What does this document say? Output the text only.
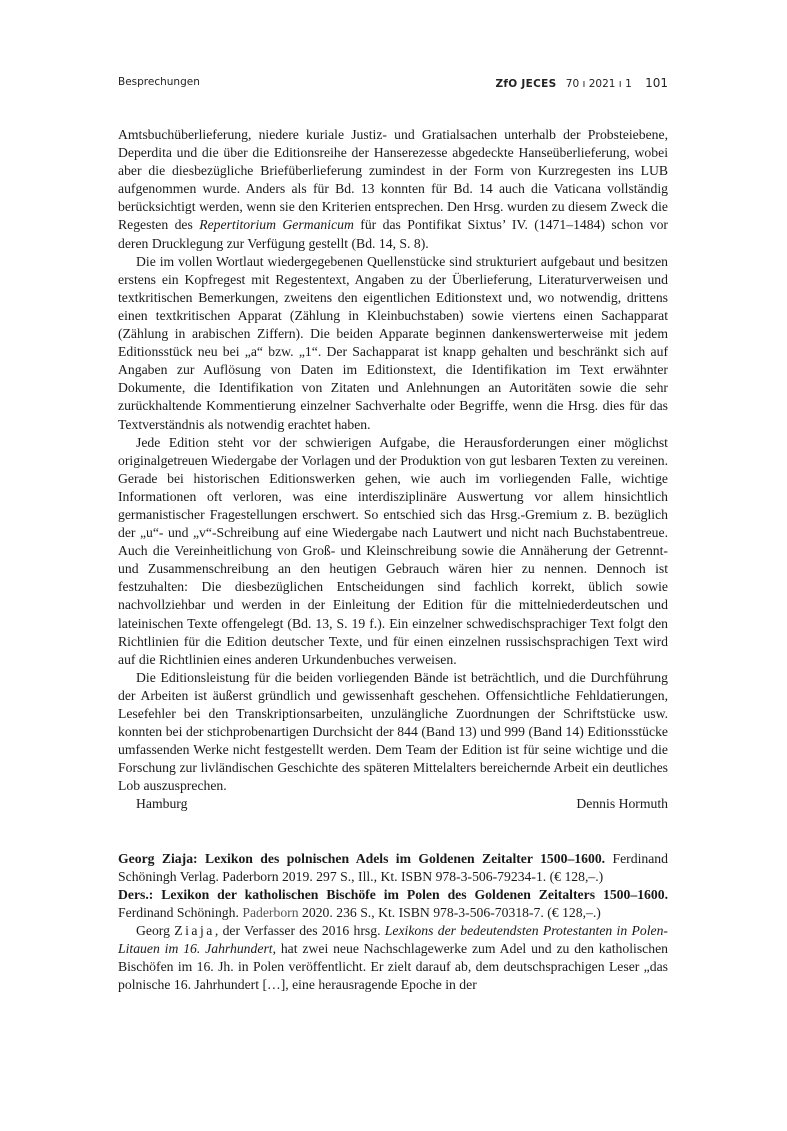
Besprechungen	ZfO JECES 70 ı 2021 ı 1 101

Amtsbuchüberlieferung, niedere kuriale Justiz- und Gratialsachen unterhalb der Probsteiebene, Deperdita und die über die Editionsreihe der Hanserezesse abgedeckte Hanseüberlieferung, wobei aber die diesbezügliche Briefüberlieferung zumindest in der Form von Kurzregesten ins LUB aufgenommen wurde. Anders als für Bd. 13 konnten für Bd. 14 auch die Vaticana vollständig berücksichtigt werden, wenn sie den Kriterien entsprechen. Den Hrsg. wurden zu diesem Zweck die Regesten des Repertitorium Germanicum für das Pontifikat Sixtus’ IV. (1471–1484) schon vor deren Drucklegung zur Verfügung gestellt (Bd. 14, S. 8).

Die im vollen Wortlaut wiedergegebenen Quellenstücke sind strukturiert aufgebaut und besitzen erstens ein Kopfregest mit Regestentext, Angaben zu der Überlieferung, Literaturverweisen und textkritischen Bemerkungen, zweitens den eigentlichen Editionstext und, wo notwendig, drittens einen textkritischen Apparat (Zählung in Kleinbuchstaben) sowie viertens einen Sachapparat (Zählung in arabischen Ziffern). Die beiden Apparate beginnen dankenswerterweise mit jedem Editionsstück neu bei „a“ bzw. „1“. Der Sachapparat ist knapp gehalten und beschränkt sich auf Angaben zur Auflösung von Daten im Editionstext, die Identifikation im Text erwähnter Dokumente, die Identifikation von Zitaten und Anlehnungen an Autoritäten sowie die sehr zurückhaltende Kommentierung einzelner Sachverhalte oder Begriffe, wenn die Hrsg. dies für das Textverständnis als notwendig erachtet haben.

Jede Edition steht vor der schwierigen Aufgabe, die Herausforderungen einer möglichst originalgetreuen Wiedergabe der Vorlagen und der Produktion von gut lesbaren Texten zu vereinen. Gerade bei historischen Editionswerken gehen, wie auch im vorliegenden Falle, wichtige Informationen oft verloren, was eine interdisziplinäre Auswertung vor allem hinsichtlich germanistischer Fragestellungen erschwert. So entschied sich das Hrsg.-Gremium z. B. bezüglich der „u“- und „v“-Schreibung auf eine Wiedergabe nach Lautwert und nicht nach Buchstabentreue. Auch die Vereinheitlichung von Groß- und Kleinschreibung sowie die Annäherung der Getrennt- und Zusammenschreibung an den heutigen Gebrauch wären hier zu nennen. Dennoch ist festzuhalten: Die diesbezüglichen Entscheidungen sind fachlich korrekt, üblich sowie nachvollziehbar und werden in der Einleitung der Edition für die mittelniederdeutschen und lateinischen Texte offengelegt (Bd. 13, S. 19 f.). Ein einzelner schwedischsprachiger Text folgt den Richtlinien für die Edition deutscher Texte, und für einen einzelnen russischsprachigen Text wird auf die Richtlinien eines anderen Urkundenbuches verweisen.

Die Editionsleistung für die beiden vorliegenden Bände ist beträchtlich, und die Durchführung der Arbeiten ist äußerst gründlich und gewissenhaft geschehen. Offensichtliche Fehldatierungen, Lesefehler bei den Transkriptionsarbeiten, unzulängliche Zuordnungen der Schriftstücke usw. konnten bei der stichprobenartigen Durchsicht der 844 (Band 13) und 999 (Band 14) Editionsstücke umfassenden Werke nicht festgestellt werden. Dem Team der Edition ist für seine wichtige und die Forschung zur livländischen Geschichte des späteren Mittelalters bereichernde Arbeit ein deutliches Lob auszusprechen.

Hamburg	Dennis Hormuth

Georg Ziaja: Lexikon des polnischen Adels im Goldenen Zeitalter 1500–1600. Ferdinand Schöningh Verlag. Paderborn 2019. 297 S., Ill., Kt. ISBN 978-3-506-79234-1. (€ 128,–.)

Ders.: Lexikon der katholischen Bischöfe im Polen des Goldenen Zeitalters 1500–1600. Ferdinand Schöningh. Paderborn 2020. 236 S., Kt. ISBN 978-3-506-70318-7. (€ 128,–.)

Georg Ziaja, der Verfasser des 2016 hrsg. Lexikons der bedeutendsten Protestanten in Polen-Litauen im 16. Jahrhundert, hat zwei neue Nachschlagewerke zum Adel und zu den katholischen Bischöfen im 16. Jh. in Polen veröffentlicht. Er zielt darauf ab, dem deutschsprachigen Leser „das polnische 16. Jahrhundert […], eine herausragende Epoche in der
